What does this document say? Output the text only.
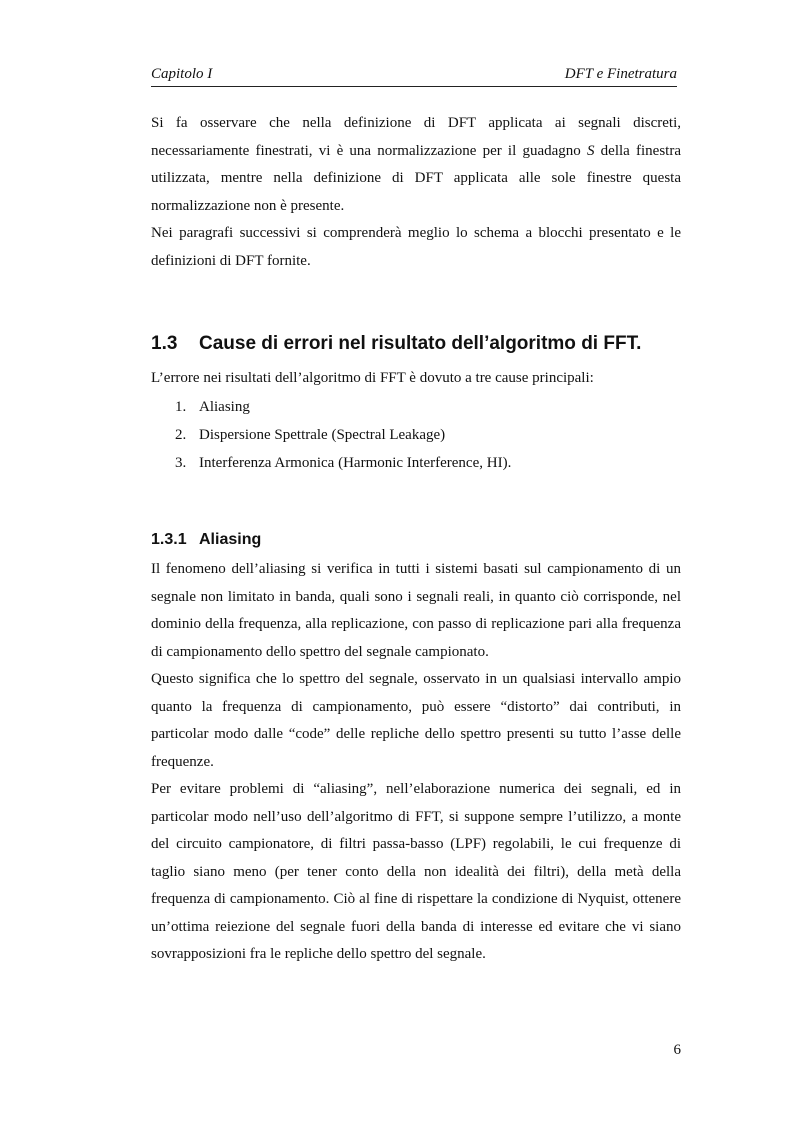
Capitolo I	DFT e Finetratura

Si fa osservare che nella definizione di DFT applicata ai segnali discreti, necessariamente finestrati, vi è una normalizzazione per il guadagno S della finestra utilizzata, mentre nella definizione di DFT applicata alle sole finestre questa normalizzazione non è presente.

Nei paragrafi successivi si comprenderà meglio lo schema a blocchi presentato e le definizioni di DFT fornite.

1.3 Cause di errori nel risultato dell’algoritmo di FFT.

L’errore nei risultati dell’algoritmo di FFT è dovuto a tre cause principali:

1. Aliasing
2. Dispersione Spettrale (Spectral Leakage)
3. Interferenza Armonica (Harmonic Interference, HI).
1.3.1 Aliasing

Il fenomeno dell’aliasing si verifica in tutti i sistemi basati sul campionamento di un segnale non limitato in banda, quali sono i segnali reali, in quanto ciò corrisponde, nel dominio della frequenza, alla replicazione, con passo di replicazione pari alla frequenza di campionamento dello spettro del segnale campionato.

Questo significa che lo spettro del segnale, osservato in un qualsiasi intervallo ampio quanto la frequenza di campionamento, può essere “distorto” dai contributi, in particolar modo dalle “code” delle repliche dello spettro presenti su tutto l’asse delle frequenze.

Per evitare problemi di “aliasing”, nell’elaborazione numerica dei segnali, ed in particolar modo nell’uso dell’algoritmo di FFT, si suppone sempre l’utilizzo, a monte del circuito campionatore, di filtri passa-basso (LPF) regolabili, le cui frequenze di taglio siano meno (per tener conto della non idealità dei filtri), della metà della frequenza di campionamento. Ciò al fine di rispettare la condizione di Nyquist, ottenere un’ottima reiezione del segnale fuori della banda di interesse ed evitare che vi siano sovrapposizioni fra le repliche dello spettro del segnale.

6
